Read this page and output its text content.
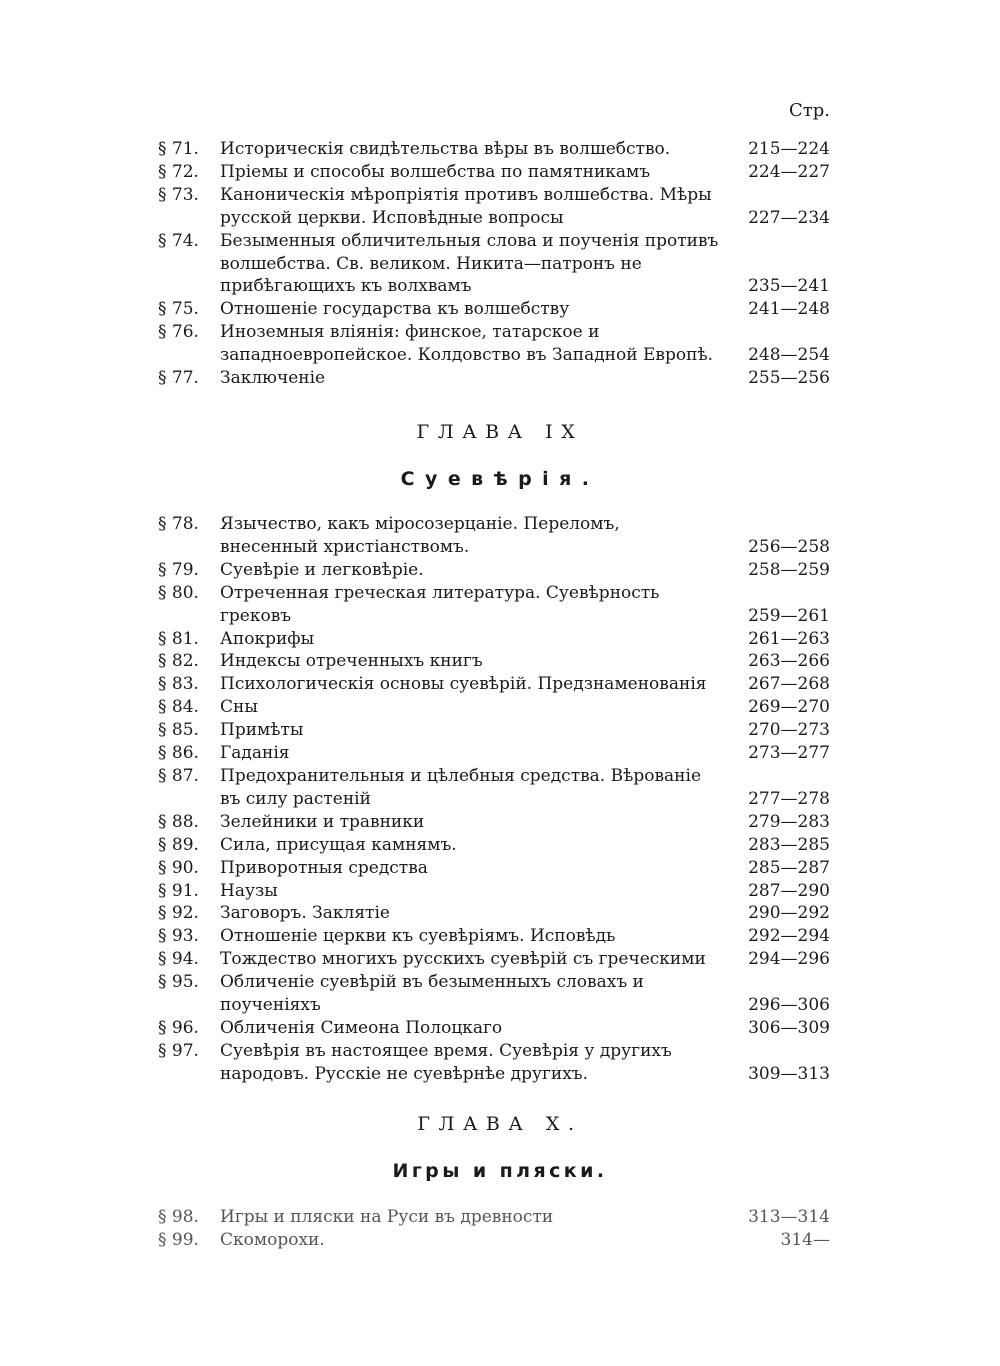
Стр.
§ 71.	Историческія свидѣтельства вѣры въ волшебство.	215—224
§ 72.	Пріемы и способы волшебства по памятникамъ	224—227
§ 73.	Каноническія мѣропріятія противъ волшебства. Мѣры русской церкви. Исповѣдные вопросы	227—234
§ 74.	Безыменныя обличительныя слова и поученія противъ волшебства. Св. великом. Никита—патронъ не прибѣгающихъ къ волхвамъ	235—241
§ 75.	Отношеніе государства къ волшебству	241—248
§ 76.	Иноземныя вліянія: финское, татарское и западноевропейское. Колдовство въ Западной Европѣ.	248—254
§ 77.	Заключеніе	255—256
ГЛАВА IX
Суевѣрія.
§ 78.	Язычество, какъ міросозерцаніе. Переломъ, внесенный христіанствомъ.	256—258
§ 79.	Суевѣріе и легковѣріе.	258—259
§ 80.	Отреченная греческая литература. Суевѣрность грековъ	259—261
§ 81.	Апокрифы	261—263
§ 82.	Индексы отреченныхъ книгъ	263—266
§ 83.	Психологическія основы суевѣрій. Предзнаменованія	267—268
§ 84.	Сны	269—270
§ 85.	Примѣты	270—273
§ 86.	Гаданія	273—277
§ 87.	Предохранительныя и цѣлебныя средства. Вѣрованіе въ силу растеній	277—278
§ 88.	Зелейники и травники	279—283
§ 89.	Сила, присущая камнямъ.	283—285
§ 90.	Приворотныя средства	285—287
§ 91.	Наузы	287—290
§ 92.	Заговоръ. Заклятіе	290—292
§ 93.	Отношеніе церкви къ суевѣріямъ. Исповѣдь	292—294
§ 94.	Тождество многихъ русскихъ суевѣрій съ греческими	294—296
§ 95.	Обличеніе суевѣрій въ безыменныхъ словахъ и поученіяхъ	296—306
§ 96.	Обличенія Симеона Полоцкаго	306—309
§ 97.	Суевѣрія въ настоящее время. Суевѣрія у другихъ народовъ. Русскіе не суевѣрнѣе другихъ.	309—313
ГЛАВА X.
Игры и пляски.
§ 98.	Игры и пляски на Руси въ древности	313—314
§ 99.	Скоморохи.	314—
